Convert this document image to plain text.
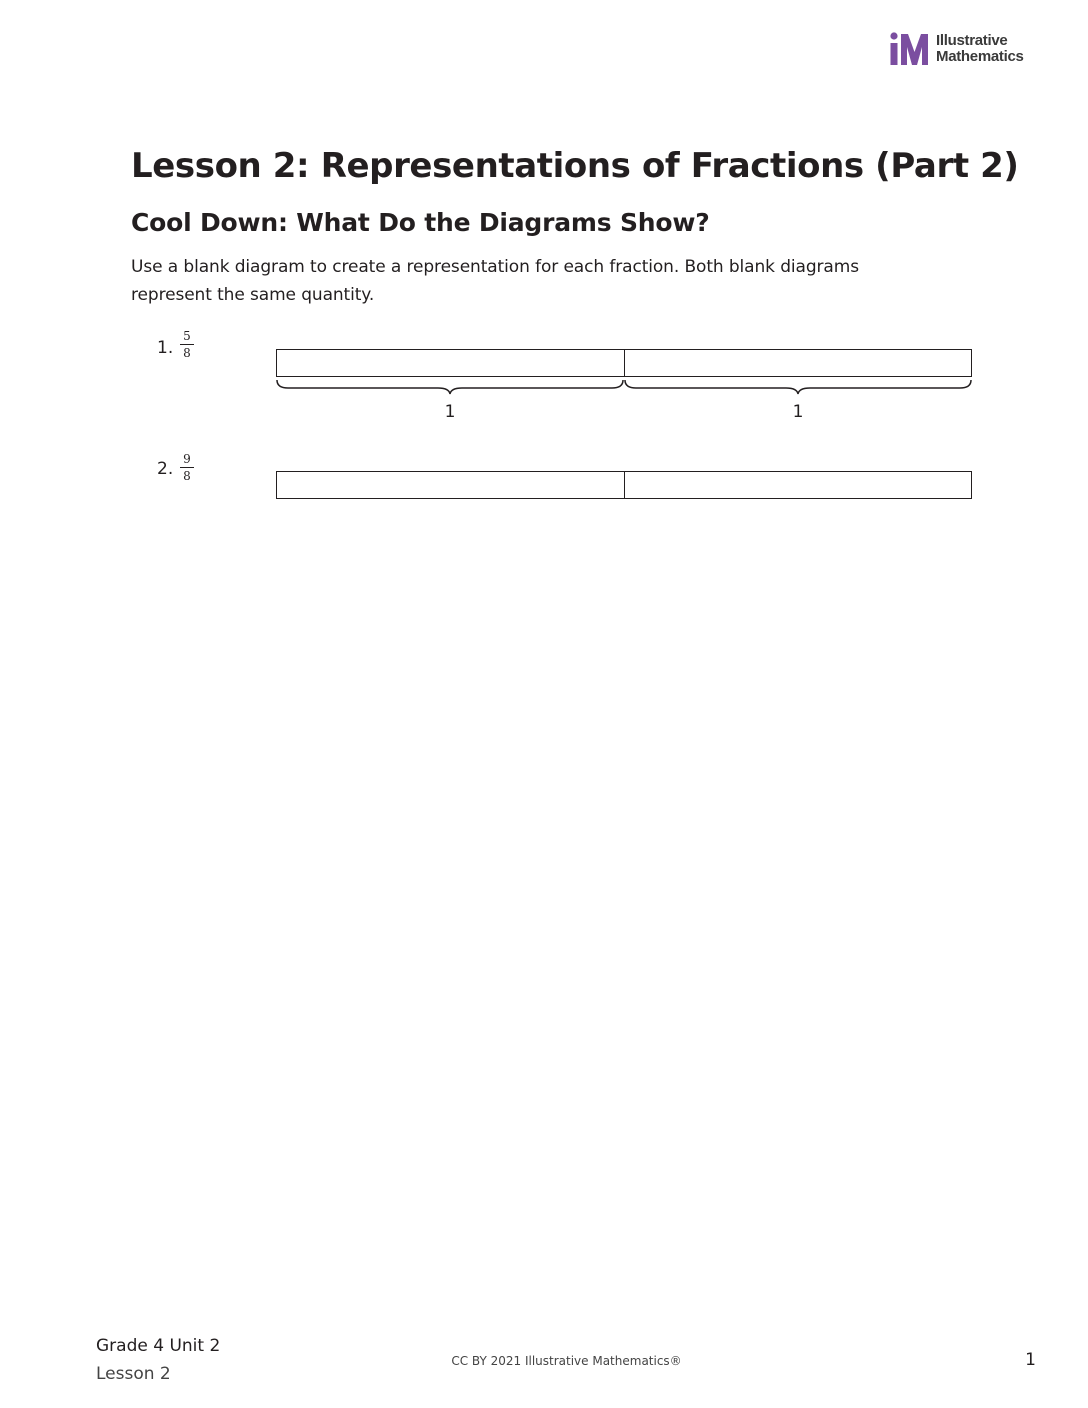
Illustrative
Mathematics
Lesson 2: Representations of Fractions (Part 2)
Cool Down: What Do the Diagrams Show?

Use a blank diagram to create a representation for each fraction. Both blank diagrams represent the same quantity.

1.
5
8
1	1
2. 9
8
Grade 4 Unit 2
Lesson 2
CC BY 2021 Illustrative Mathematics®	1
